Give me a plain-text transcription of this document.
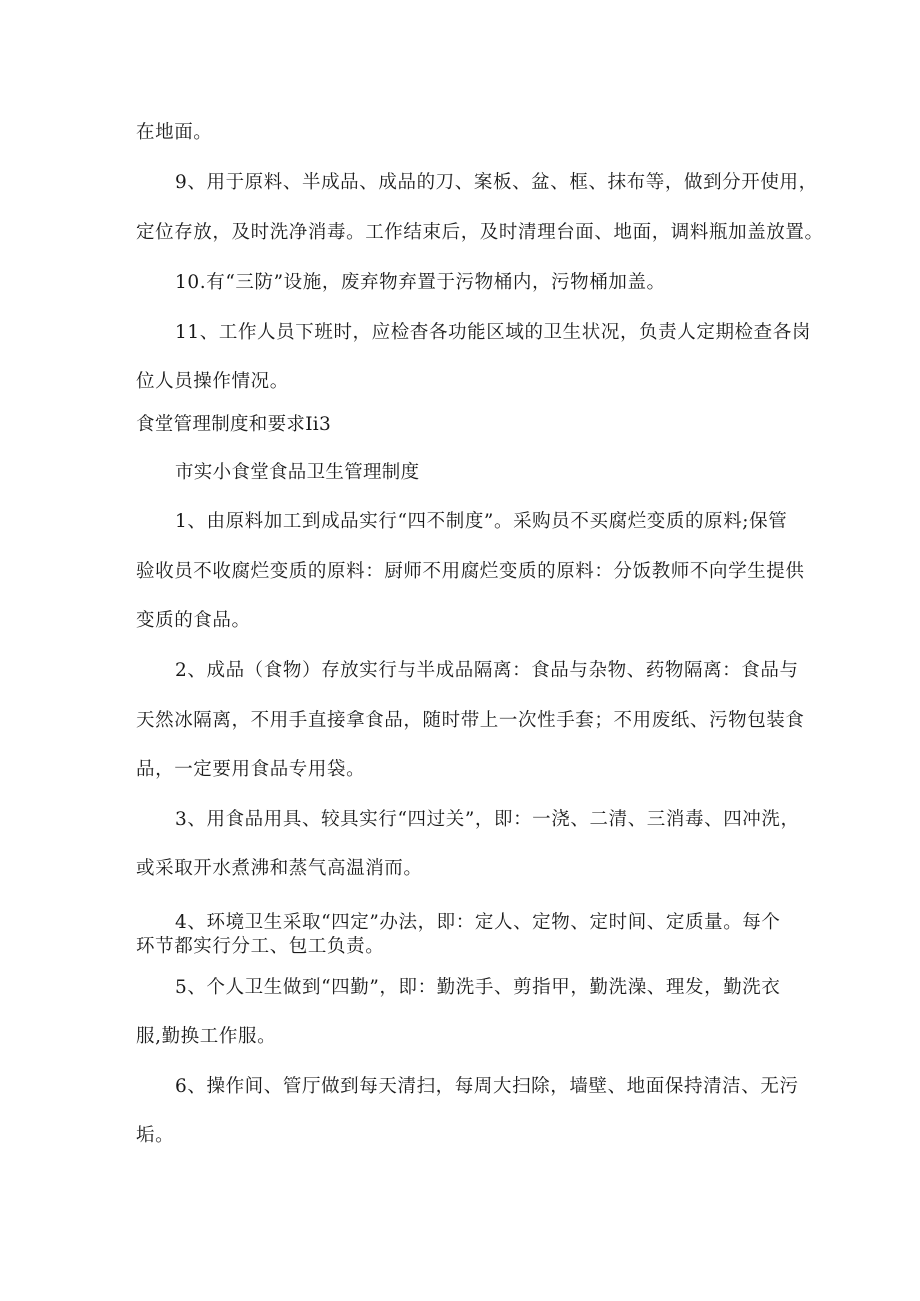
在地面。

9、用于原料、半成品、成品的刀、案板、盆、框、抹布等，做到分开使用，

定位存放，及时洗净消毒。工作结束后，及时清理台面、地面，调料瓶加盖放置。

10.有“三防”设施，废弃物弃置于污物桶内，污物桶加盖。

11、工作人员下班时，应检杳各功能区域的卫生状况，负责人定期检查各岗

位人员操作情况。

食堂管理制度和要求Ii3

市实小食堂食品卫生管理制度

1、由原料加工到成品实行“四不制度”。采购员不买腐烂变质的原料;保管

验收员不收腐烂变质的原料：厨师不用腐烂变质的原料：分饭教师不向学生提供

变质的食品。

2、成品（食物）存放实行与半成品隔离：食品与杂物、药物隔离：食品与

天然冰隔离，不用手直接拿食品，随时带上一次性手套；不用废纸、污物包装食

品，一定要用食品专用袋。

3、用食品用具、较具实行“四过关”，即：一浇、二清、三消毒、四冲洗，

或采取开水煮沸和蒸气高温消而。

4、环境卫生采取“四定”办法，即：定人、定物、定时间、定质量。每个

环节都实行分工、包工负责。

5、个人卫生做到“四勤”，即：勤洗手、剪指甲，勤洗澡、理发，勤洗衣

服,勤换工作服。

6、操作间、管厅做到每天清扫，每周大扫除，墙壁、地面保持清洁、无污

垢。
